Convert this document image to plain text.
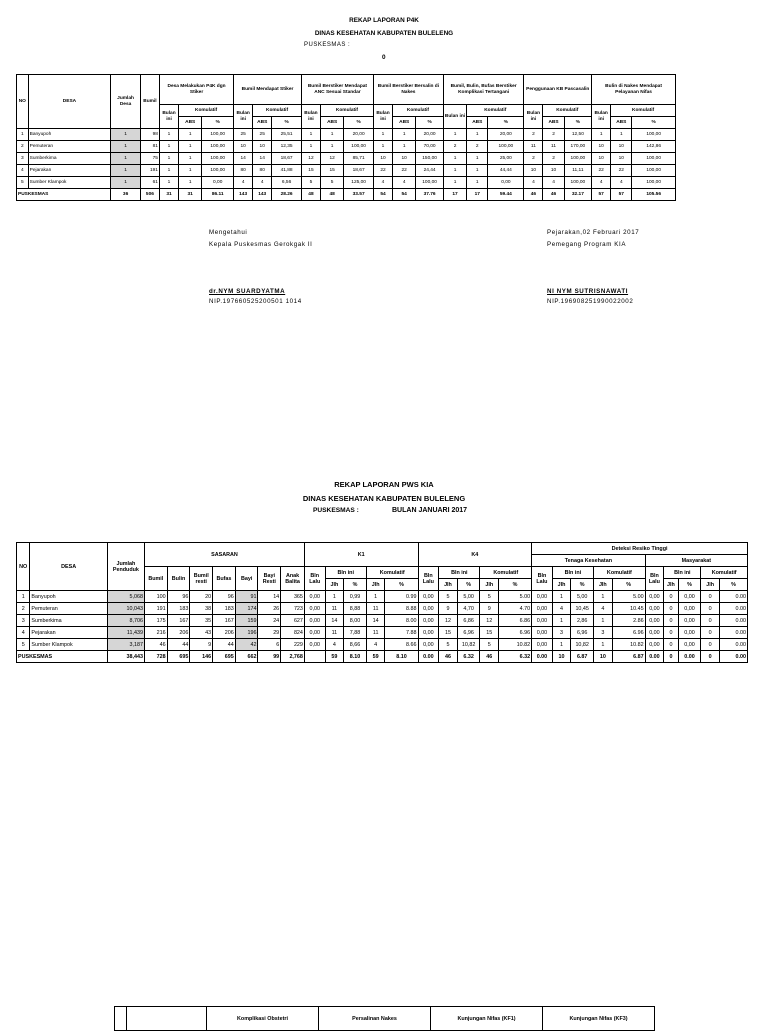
REKAP LAPORAN P4K
DINAS KESEHATAN KABUPATEN BULELENG
PUSKESMAS :
0
NO	DESA	Jumlah Desa	Bumil	Desa Melakukan P4K dgn Stiker			Bumil Mendapat Stiker			Bumil Berstiker Mendapat ANC Sesuai Standar			Bumil Berstiker Bersalin di Nakes			Bumil, Bulin, Bufas Berstiker Komplikasi Tertangani			Penggunaan KB Pascasalin			Bulin di Nakes Mendapat Pelayanan Nifas		
				Bulan ini	Komulatif		Bulan ini	Komulatif		Bulan ini	Komulatif		Bulan ini	Komulatif		Bulan ini	Komulatif		Bulan ini	Komulatif		Bulan ini	Komulatif	
					ABS	%		ABS	%		ABS	%		ABS	%		ABS	%		ABS	%		ABS	%
1	Banyupoh	1	98	1	1	100,00	25	25	25,51	1	1	20,00	1	1	20,00	1	1	20,00	2	2	12,50	1	1	100,00
2	Pemuteran	1	81	1	1	100,00	10	10	12,35	1	1	100,00	1	1	70,00	2	2	100,00	11	11	170,00	10	10	142,86
3	Sumberkima	1	75	1	1	100,00	14	14	18,67	12	12	85,71	10	10	150,00	1	1	25,00	2	2	100,00	10	10	100,00
4	Pejarakan	1	191	1	1	100,00	80	80	41,88	15	15	18,67	22	22	24,44	1	1	44,44	10	10	11,11	22	22	100,00
5	Sumber Klampok	1	61	1	1	0,00	4	4	6,56	5	5	125,00	4	4	100,00	1	1	0,00	4	4	100,00	4	4	100,00
PUSKESMAS		36	506	31	31	86.11	143	143	28.26	48	48	33.57	54	54	37.76	17	17	59.44	46	46	32.17	57	57	105.56
Mengetahui
Kepala Puskesmas Gerokgak II
dr.NYM SUARDYATMA
NIP.197660525200501 1014
Pejarakan,02 Februari 2017
Pemegang Program KIA
NI NYM SUTRISNAWATI
NIP.196908251990022002
REKAP LAPORAN PWS KIA
DINAS KESEHATAN KABUPATEN BULELENG
PUSKESMAS :	BULAN JANUARI 2017
NO	DESA	Jumlah Penduduk	SASARAN							K1					K4					Deteksi Resiko Tinggi									
																				Tenaga Kesehatan					Masyarakat				
			Bumil	Bulin	Bumil resti	Bufas	Bayi	Bayi Resti	Anak Balita	Bln Lalu	Bln ini		Komulatif		Bln Lalu	Bln ini		Komulatif		Bln Lalu	Bln ini		Komulatif		Bln Lalu	Bln ini		Komulatif	
											Jlh	%	Jlh	%		Jlh	%	Jlh	%		Jlh	%	Jlh	%		Jlh	%	Jlh	%
1	Banyupoh	5,068	100	96	20	96	91	14	365	0,00	1	0,99	1	0.99	0,00	5	5,00	5	5.00	0,00	1	5,00	1	5.00	0,00	0	0,00	0	0.00
2	Pemuteran	10,043	191	183	38	183	174	26	723	0,00	11	8,88	11	8.88	0,00	9	4,70	9	4.70	0,00	4	10,45	4	10.45	0,00	0	0,00	0	0.00
3	Sumberkima	8,706	175	167	35	167	159	24	627	0,00	14	8,00	14	8.00	0,00	12	6,86	12	6.86	0,00	1	2,86	1	2.86	0,00	0	0,00	0	0.00
4	Pejarakan	11,439	216	206	43	206	196	29	824	0,00	11	7,88	11	7.88	0,00	15	6,96	15	6.96	0,00	3	6,96	3	6.96	0,00	0	0,00	0	0.00
5	Sumber Klampok	3,187	46	44	9	44	42	6	229	0,00	4	8,66	4	8.66	0,00	5	10,82	5	10.82	0,00	1	10,82	1	10.82	0,00	0	0,00	0	0.00
PUSKESMAS		38,443	728	695	146	695	662	99	2,768		59	8.10	59	8.10	0.00	46	6.32	46	6.32	0.00	10	6.87	10	6.87	0.00	0	0.00	0	0.00
		Komplikasi Obstetri	Persalinan Nakes	Kunjungan Nifas (KF1)	Kunjungan Nifas (KF3)
